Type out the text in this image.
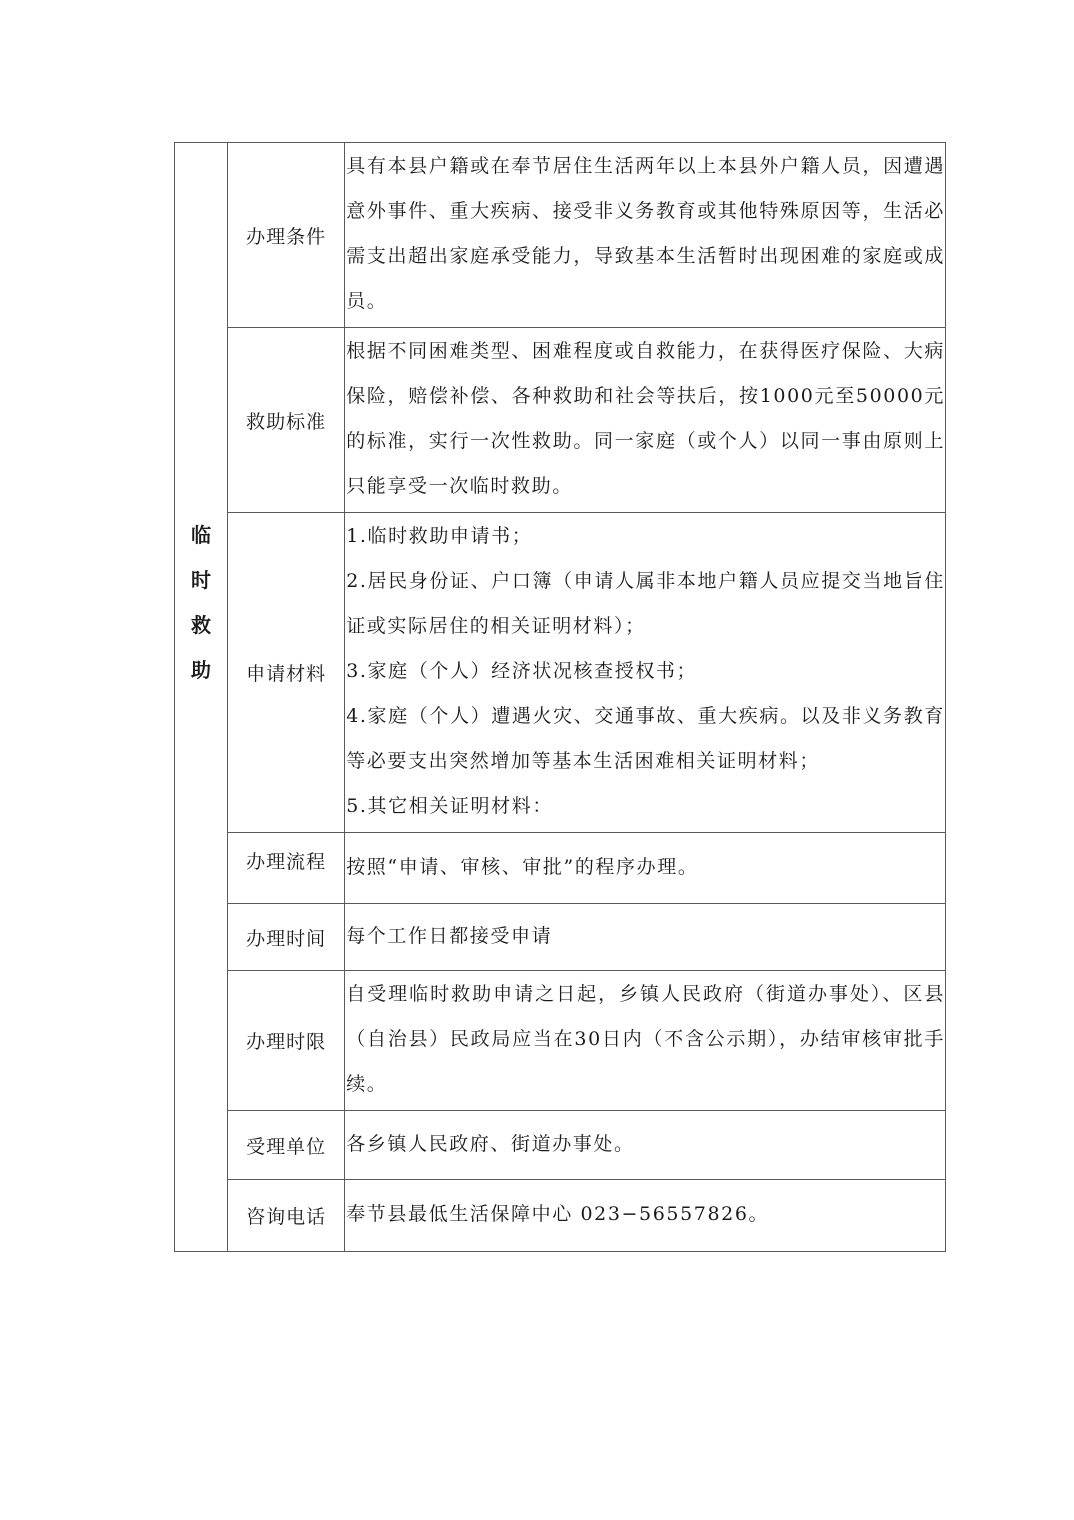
临
时
救
助	办理条件	具有本县户籍或在奉节居住生活两年以上本县外户籍人员，因遭遇意外事件、重大疾病、接受非义务教育或其他特殊原因等，生活必需支出超出家庭承受能力，导致基本生活暂时出现困难的家庭或成员。
	救助标准	根据不同困难类型、困难程度或自救能力，在获得医疗保险、大病保险，赔偿补偿、各种救助和社会等扶后，按1000元至50000元的标准，实行一次性救助。同一家庭（或个人）以同一事由原则上只能享受一次临时救助。
	申请材料	1.临时救助申请书；
2.居民身份证、户口簿（申请人属非本地户籍人员应提交当地旨住证或实际居住的相关证明材料）；
3.家庭（个人）经济状况核查授权书；
4.家庭（个人）遭遇火灾、交通事故、重大疾病。以及非义务教育等必要支出突然增加等基本生活困难相关证明材料；
5.其它相关证明材料：

	办理流程	按照“申请、审核、审批”的程序办理。
	办理时间	每个工作日都接受申请
	办理时限	自受理临时救助申请之日起，乡镇人民政府（街道办事处）、区县（自治县）民政局应当在30日内（不含公示期），办结审核审批手续。
	受理单位	各乡镇人民政府、街道办事处。
	咨询电话	奉节县最低生活保障中心 023−56557826。
